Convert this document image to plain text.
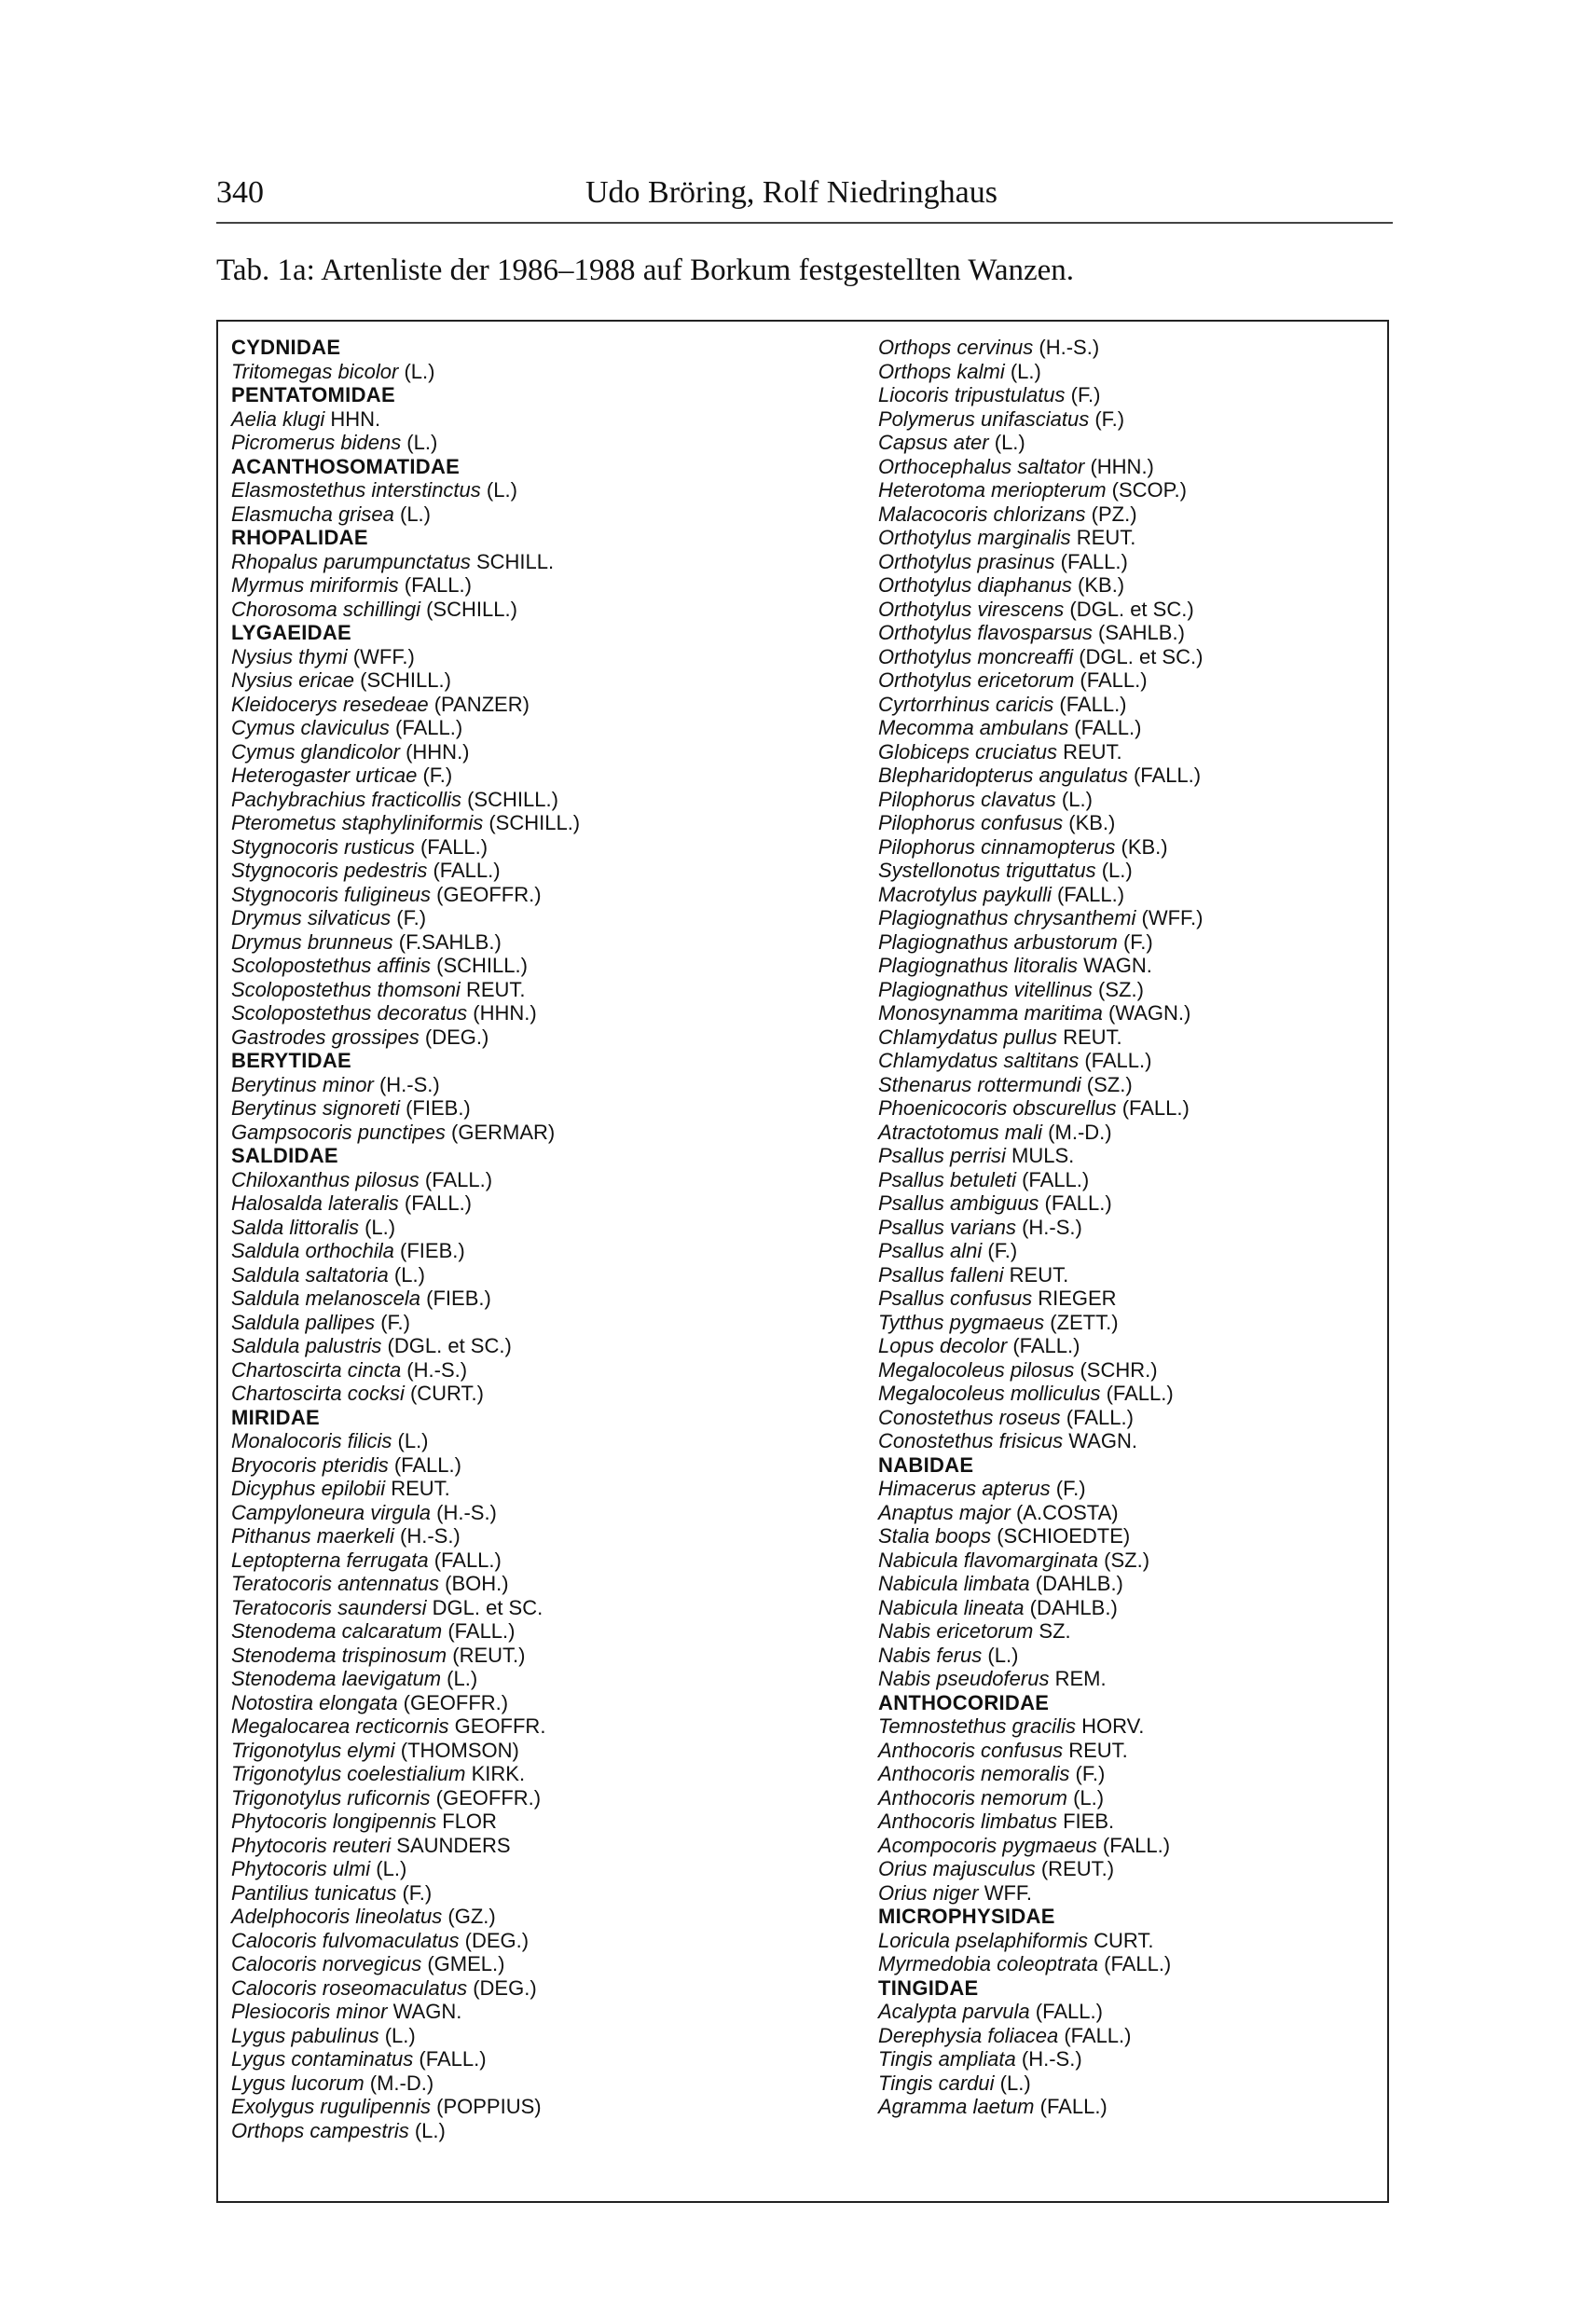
340	Udo Bröring, Rolf Niedringhaus
Tab. 1a: Artenliste der 1986–1988 auf Borkum festgestellten Wanzen.
CYDNIDAE
Tritomegas bicolor (L.)
PENTATOMIDAE
Aelia klugi HHN.
Picromerus bidens (L.)
ACANTHOSOMATIDAE
Elasmostethus interstinctus (L.)
Elasmucha grisea (L.)
RHOPALIDAE
Rhopalus parumpunctatus SCHILL.
Myrmus miriformis (FALL.)
Chorosoma schillingi (SCHILL.)
LYGAEIDAE
Nysius thymi (WFF.)
Nysius ericae (SCHILL.)
Kleidocerys resedeae (PANZER)
Cymus claviculus (FALL.)
Cymus glandicolor (HHN.)
Heterogaster urticae (F.)
Pachybrachius fracticollis (SCHILL.)
Pterometus staphyliniformis (SCHILL.)
Stygnocoris rusticus (FALL.)
Stygnocoris pedestris (FALL.)
Stygnocoris fuligineus (GEOFFR.)
Drymus silvaticus (F.)
Drymus brunneus (F.SAHLB.)
Scolopostethus affinis (SCHILL.)
Scolopostethus thomsoni REUT.
Scolopostethus decoratus (HHN.)
Gastrodes grossipes (DEG.)
BERYTIDAE
Berytinus minor (H.-S.)
Berytinus signoreti (FIEB.)
Gampsocoris punctipes (GERMAR)
SALDIDAE
Chiloxanthus pilosus (FALL.)
Halosalda lateralis (FALL.)
Salda littoralis (L.)
Saldula orthochila (FIEB.)
Saldula saltatoria (L.)
Saldula melanoscela (FIEB.)
Saldula pallipes (F.)
Saldula palustris (DGL. et SC.)
Chartoscirta cincta (H.-S.)
Chartoscirta cocksi (CURT.)
MIRIDAE
Monalocoris filicis (L.)
Bryocoris pteridis (FALL.)
Dicyphus epilobii REUT.
Campyloneura virgula (H.-S.)
Pithanus maerkeli (H.-S.)
Leptopterna ferrugata (FALL.)
Teratocoris antennatus (BOH.)
Teratocoris saundersi DGL. et SC.
Stenodema calcaratum (FALL.)
Stenodema trispinosum (REUT.)
Stenodema laevigatum (L.)
Notostira elongata (GEOFFR.)
Megalocarea recticornis GEOFFR.
Trigonotylus elymi (THOMSON)
Trigonotylus coelestialium KIRK.
Trigonotylus ruficornis (GEOFFR.)
Phytocoris longipennis FLOR
Phytocoris reuteri SAUNDERS
Phytocoris ulmi (L.)
Pantilius tunicatus (F.)
Adelphocoris lineolatus (GZ.)
Calocoris fulvomaculatus (DEG.)
Calocoris norvegicus (GMEL.)
Calocoris roseomaculatus (DEG.)
Plesiocoris minor WAGN.
Lygus pabulinus (L.)
Lygus contaminatus (FALL.)
Lygus lucorum (M.-D.)
Exolygus rugulipennis (POPPIUS)
Orthops campestris (L.)
Orthops cervinus (H.-S.)
Orthops kalmi (L.)
Liocoris tripustulatus (F.)
Polymerus unifasciatus (F.)
Capsus ater (L.)
Orthocephalus saltator (HHN.)
Heterotoma meriopterum (SCOP.)
Malacocoris chlorizans (PZ.)
Orthotylus marginalis REUT.
Orthotylus prasinus (FALL.)
Orthotylus diaphanus (KB.)
Orthotylus virescens (DGL. et SC.)
Orthotylus flavosparsus (SAHLB.)
Orthotylus moncreaffi (DGL. et SC.)
Orthotylus ericetorum (FALL.)
Cyrtorrhinus caricis (FALL.)
Mecomma ambulans (FALL.)
Globiceps cruciatus REUT.
Blepharidopterus angulatus (FALL.)
Pilophorus clavatus (L.)
Pilophorus confusus (KB.)
Pilophorus cinnamopterus (KB.)
Systellonotus triguttatus (L.)
Macrotylus paykulli (FALL.)
Plagiognathus chrysanthemi (WFF.)
Plagiognathus arbustorum (F.)
Plagiognathus litoralis WAGN.
Plagiognathus vitellinus (SZ.)
Monosynamma maritima (WAGN.)
Chlamydatus pullus REUT.
Chlamydatus saltitans (FALL.)
Sthenarus rottermundi (SZ.)
Phoenicocoris obscurellus (FALL.)
Atractotomus mali (M.-D.)
Psallus perrisi MULS.
Psallus betuleti (FALL.)
Psallus ambiguus (FALL.)
Psallus varians (H.-S.)
Psallus alni (F.)
Psallus falleni REUT.
Psallus confusus RIEGER
Tytthus pygmaeus (ZETT.)
Lopus decolor (FALL.)
Megalocoleus pilosus (SCHR.)
Megalocoleus molliculus (FALL.)
Conostethus roseus (FALL.)
Conostethus frisicus WAGN.
NABIDAE
Himacerus apterus (F.)
Anaptus major (A.COSTA)
Stalia boops (SCHIOEDTE)
Nabicula flavomarginata (SZ.)
Nabicula limbata (DAHLB.)
Nabicula lineata (DAHLB.)
Nabis ericetorum SZ.
Nabis ferus (L.)
Nabis pseudoferus REM.
ANTHOCORIDAE
Temnostethus gracilis HORV.
Anthocoris confusus REUT.
Anthocoris nemoralis (F.)
Anthocoris nemorum (L.)
Anthocoris limbatus FIEB.
Acompocoris pygmaeus (FALL.)
Orius majusculus (REUT.)
Orius niger WFF.
MICROPHYSIDAE
Loricula pselaphiformis CURT.
Myrmedobia coleoptrata (FALL.)
TINGIDAE
Acalypta parvula (FALL.)
Derephysia foliacea (FALL.)
Tingis ampliata (H.-S.)
Tingis cardui (L.)
Agramma laetum (FALL.)
